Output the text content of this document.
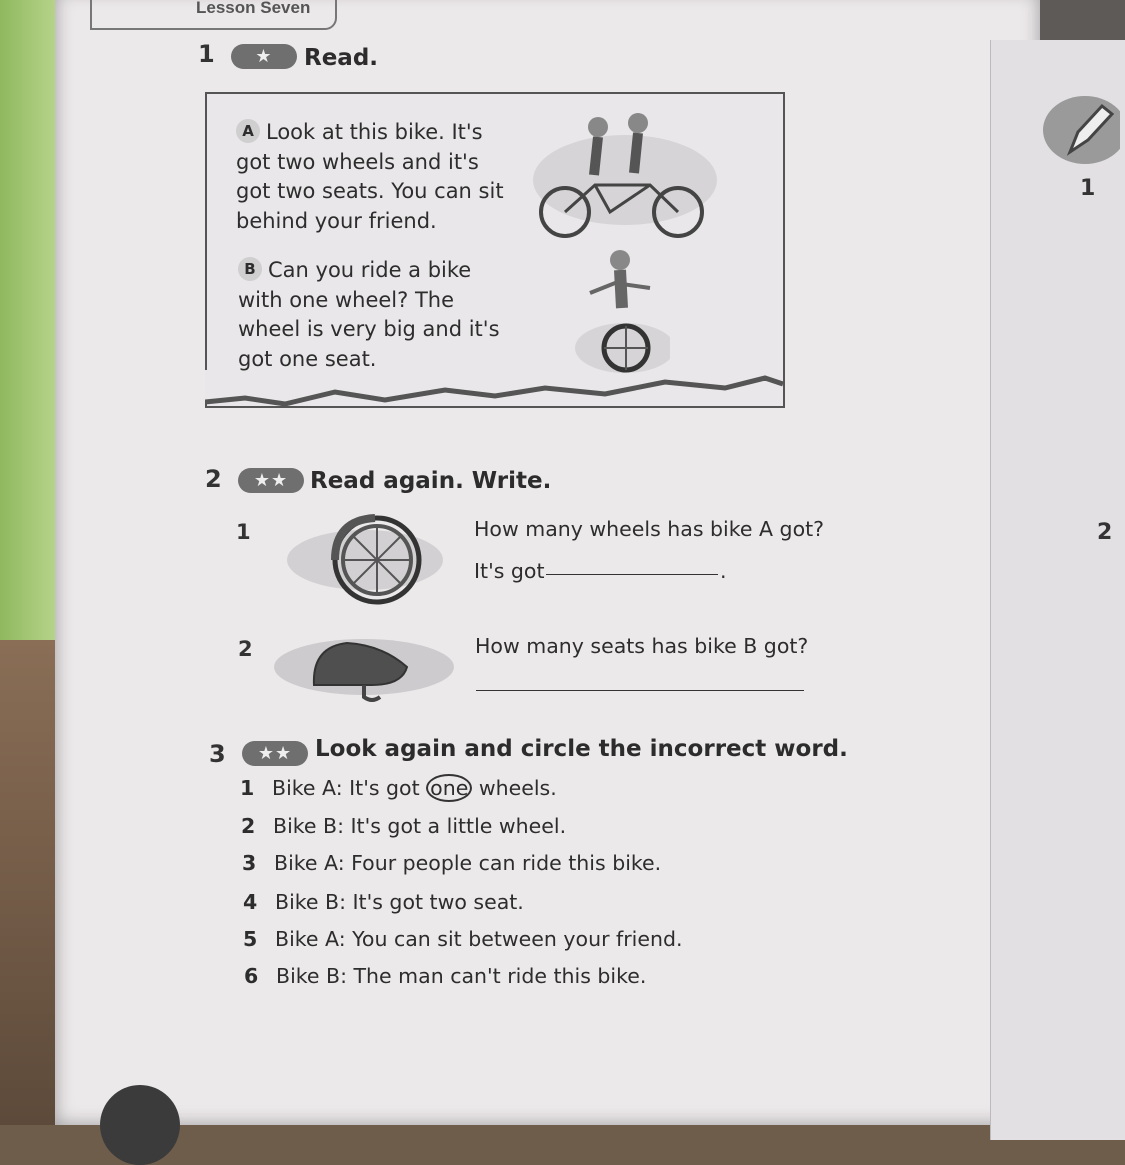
Lesson Seven
1	★	Read.
A Look at this bike. It's got two wheels and it's got two seats. You can sit behind your friend.
B Can you ride a bike with one wheel? The wheel is very big and it's got one seat.
2	★★ Read again. Write.
1	How many wheels has bike A got?
It's got	.
2	How many seats has bike B got?
3	★★ Look again and circle the incorrect word.
1 Bike A: It's got one wheels.
2 Bike B: It's got a little wheel.
3 Bike A: Four people can ride this bike.
4 Bike B: It's got two seat.
5 Bike A: You can sit between your friend.
6 Bike B: The man can't ride this bike.
1
2
